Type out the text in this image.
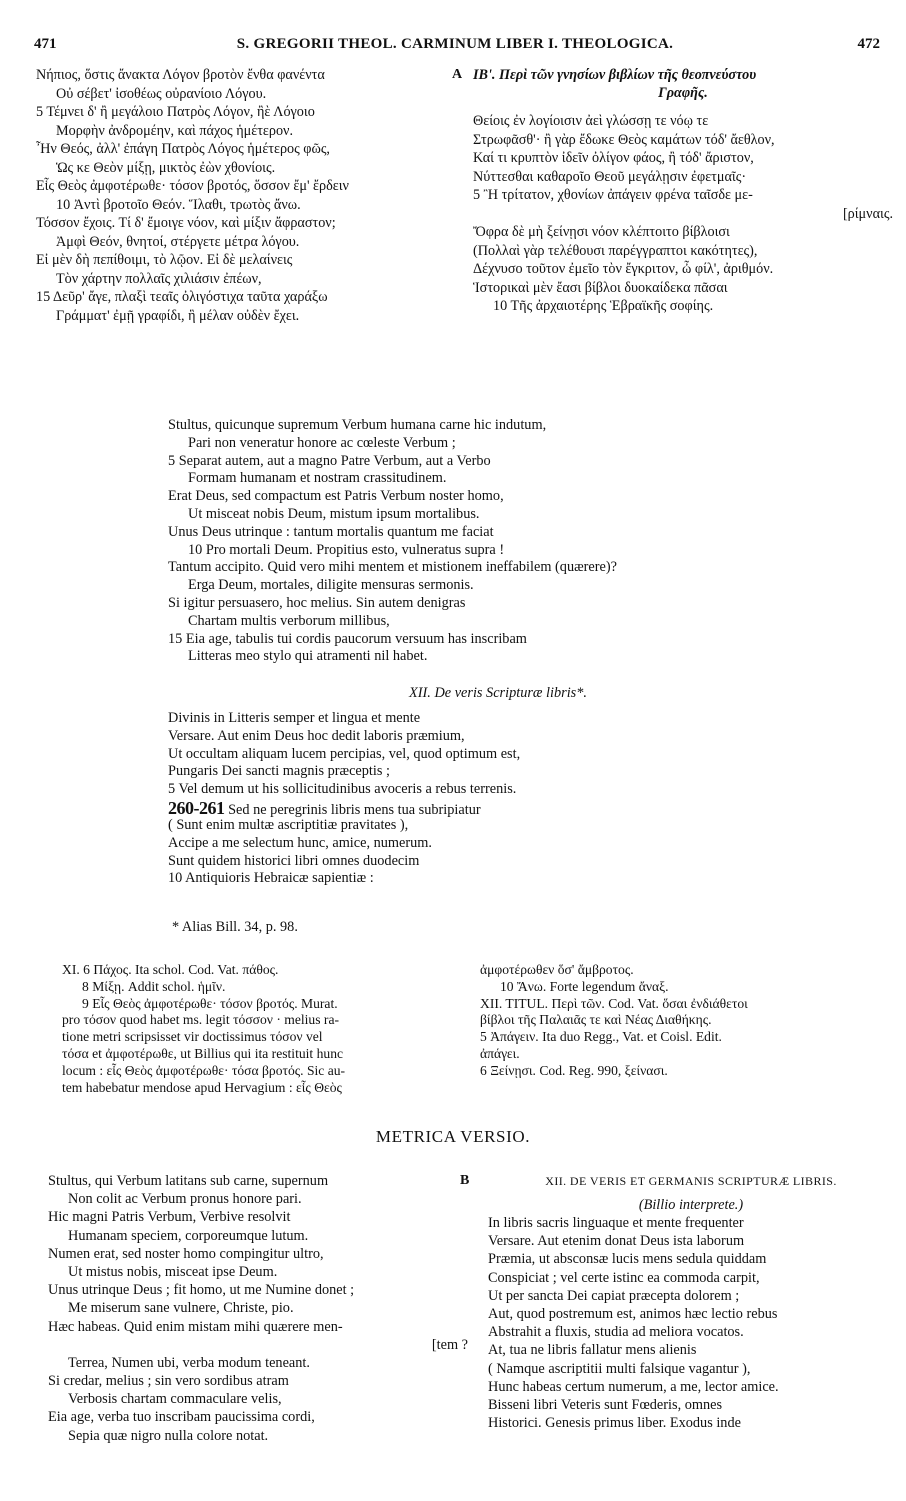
471	S. GREGORII THEOL. CARMINUM LIBER I. THEOLOGICA.	472
Νήπιος, ὅστις ἄνακτα Λόγον βροτὸν ἔνθα φανέντα
Οὐ σέβετ' ἰσοθέως οὐρανίοιο Λόγου.
5 Τέμνει δ' ἢ μεγάλοιο Πατρὸς Λόγον, ἢὲ Λόγοιο
Μορφὴν ἀνδρομέην, καὶ πάχος ἡμέτερον.
Ἦν Θεός, ἀλλ' ἐπάγη Πατρὸς Λόγος ἡμέτερος φῶς,
Ὡς κε Θεὸν μίξῃ, μικτὸς ἐὼν χθονίοις.
Εἷς Θεὸς ἀμφοτέρωθε· τόσον βροτός, ὅσσον ἔμ' ἔρδειν
10 Ἀντὶ βροτοῖο Θεόν. Ἵλαθι, τρωτὸς ἄνω.
Τόσσον ἔχοις. Τί δ' ἔμοιγε νόον, καὶ μίξιν ἄφραστον;
Ἀμφὶ Θεόν, θνητοί, στέργετε μέτρα λόγου.
Εἰ μὲν δὴ πεπίθοιμι, τὸ λῷον. Εἰ δὲ μελαίνεις
Τὸν χάρτην πολλαῖς χιλιάσιν ἐπέων,
15 Δεῦρ' ἄγε, πλαξὶ τεαῖς ὀλιγόστιχα ταῦτα χαράξω
Γράμματ' ἐμῇ γραφίδι, ἣ μέλαν οὐδὲν ἔχει.
A ΙΒ'. Περὶ τῶν γνησίων βιβλίων τῆς θεοπνεύστου
Γραφῆς.
Θείοις ἐν λογίοισιν ἀεὶ γλώσσῃ τε νόῳ τε
Στρωφᾶσθ'· ἢ γὰρ ἔδωκε Θεὸς καμάτων τόδ' ἄεθλον,
Καί τι κρυπτὸν ἰδεῖν ὀλίγον φάος, ἢ τόδ' ἄριστον,
Νύττεσθαι καθαροῖο Θεοῦ μεγάλῃσιν ἐφετμαῖς·
5 Ἢ τρίτατον, χθονίων ἀπάγειν φρένα ταῖσδε με-
[ρίμναις.
Ὄφρα δὲ μὴ ξείνῃσι νόον κλέπτοιτο βίβλοισι
(Πολλαὶ γὰρ τελέθουσι παρέγγραπτοι κακότητες),
Δέχνυσο τοῦτον ἐμεῖο τὸν ἔγκριτον, ὦ φίλ', ἀριθμόν.
Ἱστορικαὶ μὲν ἔασι βίβλοι δυοκαίδεκα πᾶσαι
10 Τῆς ἀρχαιοτέρης Ἑβραϊκῆς σοφίης.
Stultus, quicunque supremum Verbum humana carne hic indutum,
Pari non veneratur honore ac cœleste Verbum ;
5 Separat autem, aut a magno Patre Verbum, aut a Verbo
Formam humanam et nostram crassitudinem.
Erat Deus, sed compactum est Patris Verbum noster homo,
Ut misceat nobis Deum, mistum ipsum mortalibus.
Unus Deus utrinque : tantum mortalis quantum me faciat
10 Pro mortali Deum. Propitius esto, vulneratus supra !
Tantum accipito. Quid vero mihi mentem et mistionem ineffabilem (quærere)?
Erga Deum, mortales, diligite mensuras sermonis.
Si igitur persuasero, hoc melius. Sin autem denigras
Chartam multis verborum millibus,
15 Eia age, tabulis tui cordis paucorum versuum has inscribam
Litteras meo stylo qui atramenti nil habet.
XII. De veris Scripturæ libris*.
Divinis in Litteris semper et lingua et mente
Versare. Aut enim Deus hoc dedit laboris præmium,
Ut occultam aliquam lucem percipias, vel, quod optimum est,
Pungaris Dei sancti magnis præceptis ;
5 Vel demum ut his sollicitudinibus avoceris a rebus terrenis.
260-261 Sed ne peregrinis libris mens tua subripiatur
( Sunt enim multæ ascriptitiæ pravitates ),
Accipe a me selectum hunc, amice, numerum.
Sunt quidem historici libri omnes duodecim
10 Antiquioris Hebraicæ sapientiæ :
* Alias Bill. 34, p. 98.
XI. 6 Πάχος. Ita schol. Cod. Vat. πάθος.
8 Μίξῃ. Addit schol. ἡμῖν.
9 Εἷς Θεὸς ἀμφοτέρωθε· τόσον βροτός. Murat.
pro τόσον quod habet ms. legit τόσσον · melius ra-
tione metri scripsisset vir doctissimus τόσον vel
τόσα et ἀμφοτέρωθε, ut Billius qui ita restituit hunc
locum : εἷς Θεὸς ἀμφοτέρωθε· τόσα βροτός. Sic au-
tem habebatur mendose apud Hervagium : εἷς Θεὸς
ἀμφοτέρωθεν ὅσ' ἄμβροτος.
10 Ἄνω. Forte legendum ἄναξ.
XII. TITUL. Περὶ τῶν. Cod. Vat. ὅσαι ἐνδιάθετοι
βίβλοι τῆς Παλαιᾶς τε καὶ Νέας Διαθήκης.
5 Ἀπάγειν. Ita duo Regg., Vat. et Coisl. Edit.
ἀπάγει.
6 Ξείνῃσι. Cod. Reg. 990, ξείνασι.
METRICA VERSIO.
Stultus, qui Verbum latitans sub carne, supernum
Non colit ac Verbum pronus honore pari.
Hic magni Patris Verbum, Verbive resolvit
Humanam speciem, corporeumque lutum.
Numen erat, sed noster homo compingitur ultro,
Ut mistus nobis, misceat ipse Deum.
Unus utrinque Deus ; fit homo, ut me Numine donet ;
Me miserum sane vulnere, Christe, pio.
Hæc habeas. Quid enim mistam mihi quærere men-
[tem ?
Terrea, Numen ubi, verba modum teneant.
Si credar, melius ; sin vero sordibus atram
Verbosis chartam commaculare velis,
Eia age, verba tuo inscribam paucissima cordi,
Sepia quæ nigro nulla colore notat.
B	XII. DE VERIS ET GERMANIS SCRIPTURÆ LIBRIS.
(Billio interprete.)
In libris sacris linguaque et mente frequenter
Versare. Aut etenim donat Deus ista laborum
Præmia, ut absconsæ lucis mens sedula quiddam
Conspiciat ; vel certe istinc ea commoda carpit,
Ut per sancta Dei capiat præcepta dolorem ;
Aut, quod postremum est, animos hæc lectio rebus
Abstrahit a fluxis, studia ad meliora vocatos.
At, tua ne libris fallatur mens alienis
( Namque ascriptitii multi falsique vagantur ),
Hunc habeas certum numerum, a me, lector amice.
Bisseni libri Veteris sunt Fœderis, omnes
Historici. Genesis primus liber. Exodus inde
